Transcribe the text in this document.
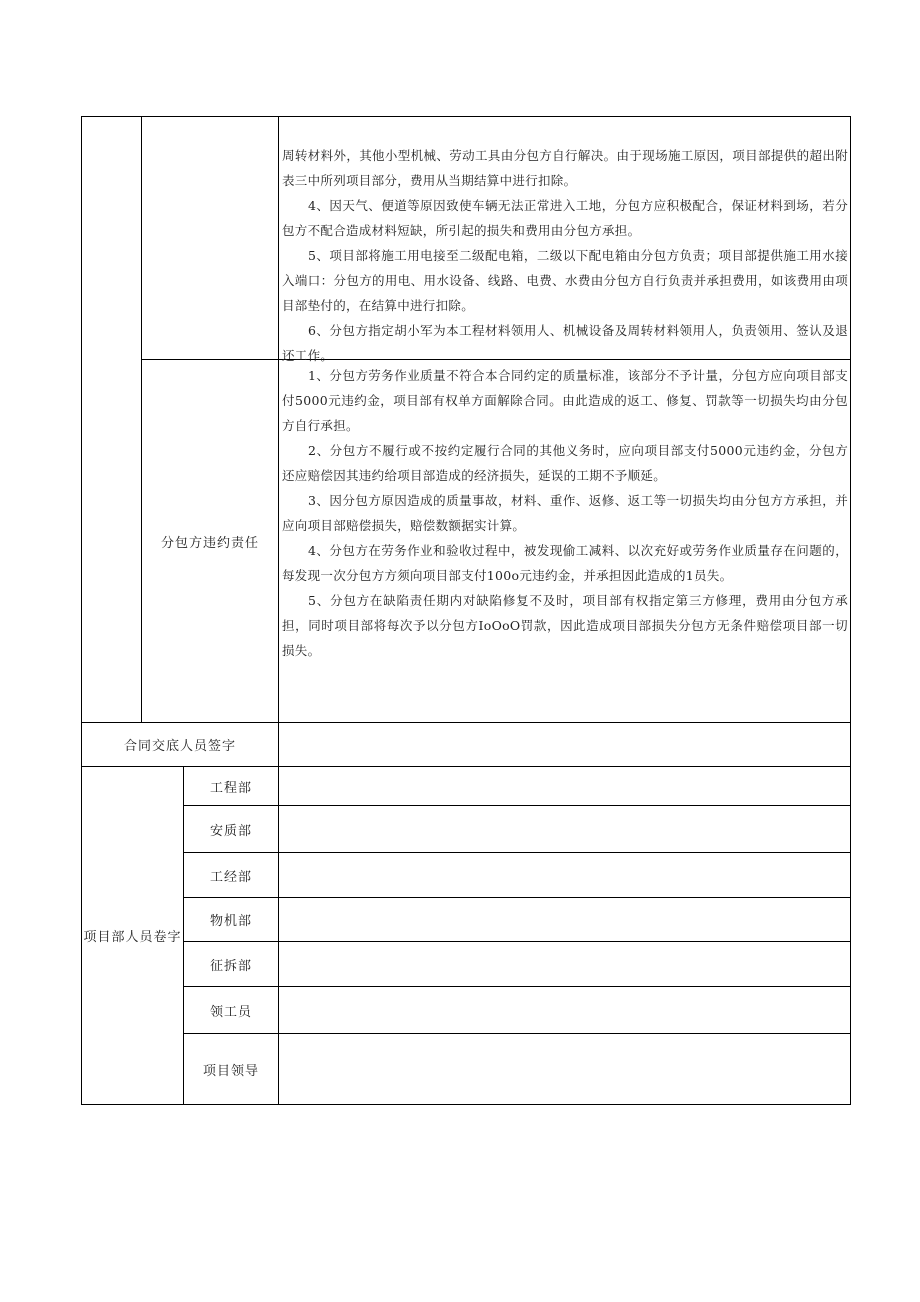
周转材料外，其他小型机械、劳动工具由分包方自行解决。由于现场施工原因，项目部提供的超出附表三中所列项目部分，费用从当期结算中进行扣除。

4、因天气、便道等原因致使车辆无法正常进入工地，分包方应积极配合，保证材料到场，若分包方不配合造成材料短缺，所引起的损失和费用由分包方承担。

5、项目部将施工用电接至二级配电箱，二级以下配电箱由分包方负责；项目部提供施工用水接入端口：分包方的用电、用水设备、线路、电费、水费由分包方自行负责并承担费用，如该费用由项目部垫付的，在结算中进行扣除。

6、分包方指定胡小军为本工程材料领用人、机械设备及周转材料领用人，负责领用、签认及退还工作。

分包方违约责任

1、分包方劳务作业质量不符合本合同约定的质量标准，该部分不予计量，分包方应向项目部支付5000元违约金，项目部有权单方面解除合同。由此造成的返工、修复、罚款等一切损失均由分包方自行承担。

2、分包方不履行或不按约定履行合同的其他义务时，应向项目部支付5000元违约金，分包方还应赔偿因其违约给项目部造成的经济损失，延误的工期不予顺延。

3、因分包方原因造成的质量事故，材料、重作、返修、返工等一切损失均由分包方方承担，并应向项目部赔偿损失，赔偿数额据实计算。

4、分包方在劳务作业和验收过程中，被发现偷工减料、以次充好或劳务作业质量存在问题的，每发现一次分包方方须向项目部支付100o元违约金，并承担因此造成的1员失。

5、分包方在缺陷责任期内对缺陷修复不及时，项目部有权指定第三方修理，费用由分包方承担，同时项目部将每次予以分包方IoOoO罚款，因此造成项目部损失分包方无条件赔偿项目部一切损失。

合同交底人员签字
项目部人员卷字
工程部
安质部
工经部
物机部
征拆部
领工员
项目领导
